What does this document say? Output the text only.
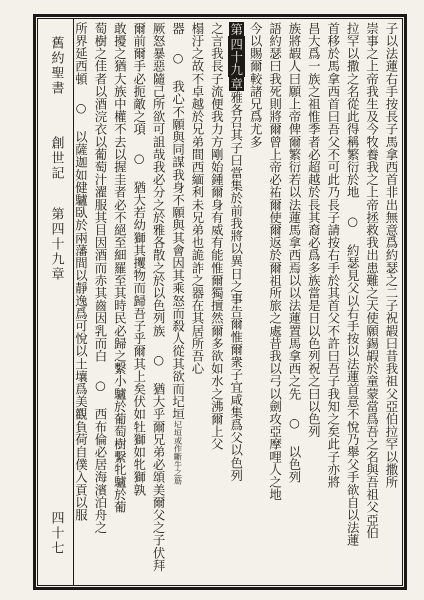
舊約聖書
創世記
第四十九章
四十七
子以法蓮右手按長子馬拿西首非出無意爲約瑟之二子祝嘏曰昔我祖父亞伯拉罕以撒所
崇事之上帝我生及今牧養我之上帝拯救我出患難之天使願錫嘏於童蒙當爲吾之名與吾祖父亞伯
拉罕以撒之名從此得稱繁衍於地 ○ 約瑟見父以右手按以法蓮首意不悅乃舉父手欲自以法蓮
首移於馬拿西首曰吾父不可此乃長子請按右手於其首父不許曰吾子我知之矣此子亦將
昌大爲一族之祖惟季者必超越於長其裔必爲多族當是日以色列祝之曰以色列
族將嘏人曰願上帝俾爾繁衍若以法蓮馬拿西焉以以法蓮置馬拿西之先 ○ 以色列
語約瑟曰我死則將爾曾上帝必祐爾使爾返於爾祖所旅之處昔我以弓以劍攻亞摩哩人之地
今以賜爾較諸兄爲尤多
第四十九章雅各召其子曰當集於前我將以異日之事告爾惟爾衆子宜咸集爲父以色列
之言我長子流便我力方剛始鍾爾身有威有能惟爾獨擅然爾多欲如水之沸爾上父
榻汙之故不卓越於兄弟間西緬利未兄弟也詭詐之器在其居所吾心
器 ○ 我心不願與同謀我身不願與其會因其乘怒而殺人從其欲而圮垣圮垣或作斷牛之筋
厥怒暴惡隨己所欲可詛哉我必分之於雅各散之於以色列族 ○ 猶大乎爾兄弟必頌美爾父之子伏拜
爾前爾手必扼敵之項 ○ 猶大若幼獅其攫物而歸吾子乎爾其上矣伏如牡獅如牝獅孰
敢擾之猶大族中權不去以握圭者必不絕至細羅至其時民必歸之繫小驢於葡萄樹繫牝驢於葡
萄樹之佳者以酒浣衣以葡萄汁濯服其目因酒而赤其齒因乳而白 ○ 西布倫必居海濱泊舟之
所界延西頓 ○ 以薩迦如健驢臥於兩藩間以靜逸爲可悅以土壤爲美觀負荷自僕入貢以服
